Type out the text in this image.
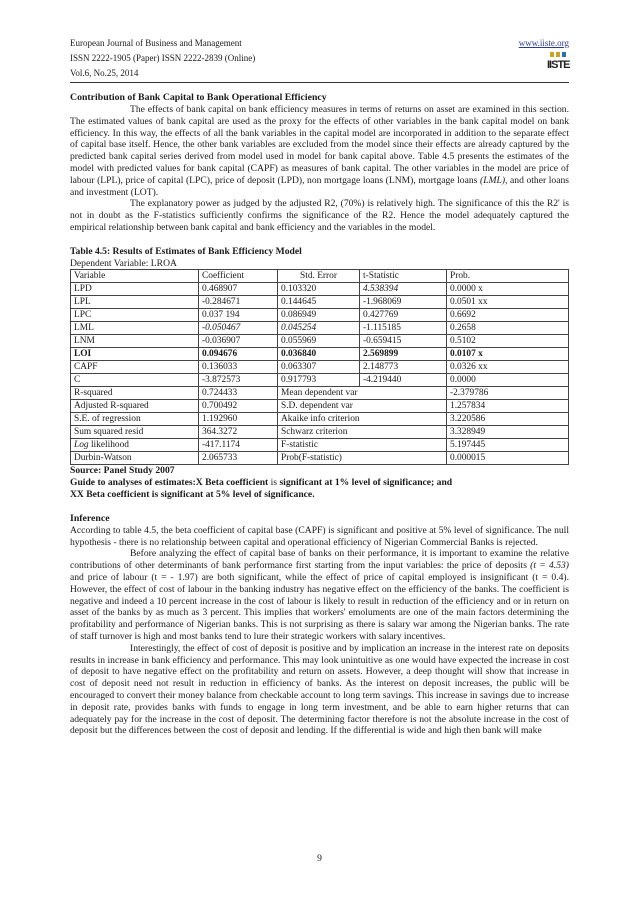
European Journal of Business and Management
ISSN 2222-1905 (Paper) ISSN 2222-2839 (Online)
Vol.6, No.25, 2014
www.iiste.org
IISTE
Contribution of Bank Capital to Bank Operational Efficiency

The effects of bank capital on bank efficiency measures in terms of returns on asset are examined in this section. The estimated values of bank capital are used as the proxy for the effects of other variables in the bank capital model on bank efficiency. In this way, the effects of all the bank variables in the capital model are incorporated in addition to the separate effect of capital base itself. Hence, the other bank variables are excluded from the model since their effects are already captured by the predicted bank capital series derived from model used in model for bank capital above. Table 4.5 presents the estimates of the model with predicted values for bank capital (CAPF) as measures of bank capital. The other variables in the model are price of labour (LPL), price of capital (LPC), price of deposit (LPD), non mortgage loans (LNM), mortgage loans (LML), and other loans and investment (LOT).

The explanatory power as judged by the adjusted R2, (70%) is relatively high. The significance of this the R2' is not in doubt as the F-statistics sufficiently confirms the significance of the R2. Hence the model adequately captured the empirical relationship between bank capital and bank efficiency and the variables in the model.

Table 4.5: Results of Estimates of Bank Efficiency Model
Dependent Variable: LROA
Variable	Coefficient	Std. Error	t-Statistic	Prob.
LPD	0.468907	0.103320	4.538394	0.0000 x
LPL	-0.284671	0.144645	-1.968069	0.0501 xx
LPC	0.037 194	0.086949	0.427769	0.6692
LML	-0.050467	0.045254	-1.115185	0.2658
LNM	-0.036907	0.055969	-0.659415	0.5102
LOI	0.094676	0.036840	2.569899	0.0107 x
CAPF	0.136033	0.063307	2.148773	0.0326 xx
C	-3.872573	0.917793	-4.219440	0.0000
R-squared	0.724433	Mean dependent var		-2.379786
Adjusted R-squared	0.700492	S.D. dependent var		1.257834
S.E. of regression	1.192960	Akaike info criterion		3.220586
Sum squared resid	364.3272	Schwarz criterion		3.328949
Log likelihood	-417.1174	F-statistic		5.197445
Durbin-Watson	2.065733	Prob(F-statistic)		0.000015
Source: Panel Study 2007
Guide to analyses of estimates:X Beta coefficient is significant at 1% level of significance; and
XX Beta coefficient is significant at 5% level of significance.
Inference

According to table 4.5, the beta coefficient of capital base (CAPF) is significant and positive at 5% level of significance. The null hypothesis - there is no relationship between capital and operational efficiency of Nigerian Commercial Banks is rejected.

Before analyzing the effect of capital base of banks on their performance, it is important to examine the relative contributions of other determinants of bank performance first starting from the input variables: the price of deposits (t = 4.53) and price of labour (t = - 1.97) are both significant, while the effect of price of capital employed is insignificant (t = 0.4). However, the effect of cost of labour in the banking industry has negative effect on the efficiency of the banks. The coefficient is negative and indeed a 10 percent increase in the cost of labour is likely to result in reduction of the efficiency and or in return on asset of the banks by as much as 3 percent. This implies that workers' emoluments are one of the main factors determining the profitability and performance of Nigerian banks. This is not surprising as there is salary war among the Nigerian banks. The rate of staff turnover is high and most banks tend to lure their strategic workers with salary incentives.

Interestingly, the effect of cost of deposit is positive and by implication an increase in the interest rate on deposits results in increase in bank efficiency and performance. This may look unintuitive as one would have expected the increase in cost of deposit to have negative effect on the profitability and return on assets. However, a deep thought will show that increase in cost of deposit need not result in reduction in efficiency of banks. As the interest on deposit increases, the public will be encouraged to convert their money balance from checkable account to long term savings. This increase in savings due to increase in deposit rate, provides banks with funds to engage in long term investment, and be able to earn higher returns that can adequately pay for the increase in the cost of deposit. The determining factor therefore is not the absolute increase in the cost of deposit but the differences between the cost of deposit and lending. If the differential is wide and high then bank will make

9
